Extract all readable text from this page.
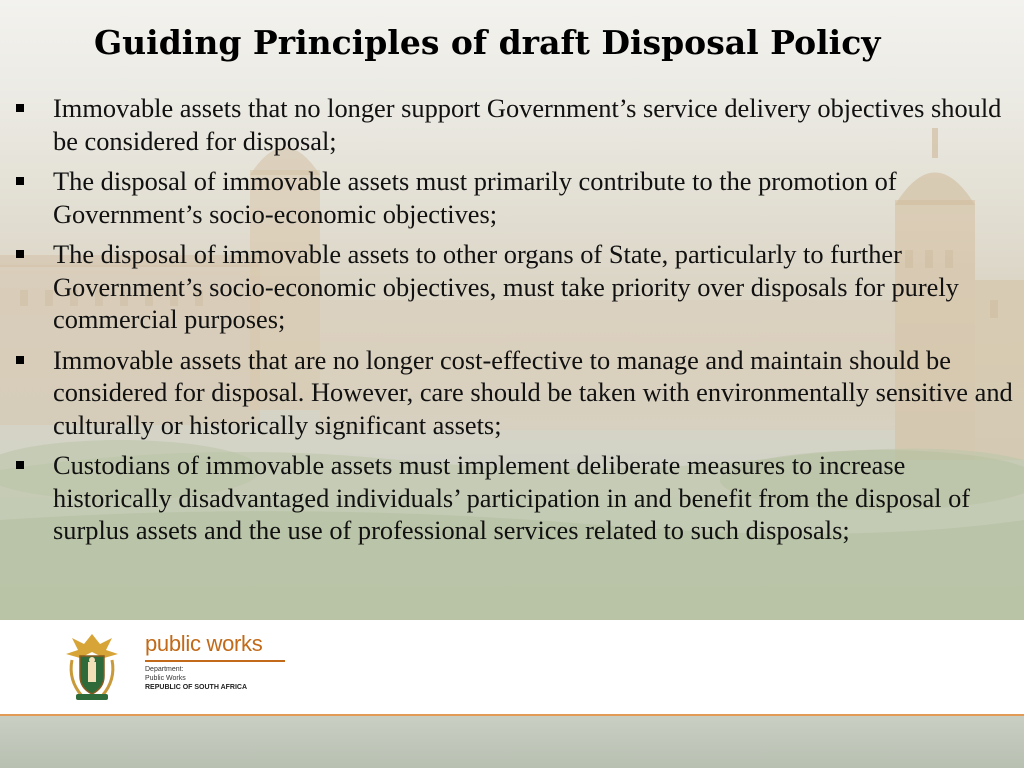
Guiding Principles of draft Disposal Policy
Immovable assets that no longer support Government’s service delivery objectives should be considered for disposal;
The disposal of immovable assets must primarily contribute to the promotion of Government’s socio-economic objectives;
The disposal of immovable assets to other organs of State, particularly to further Government’s socio-economic objectives, must take priority over disposals for purely commercial purposes;
Immovable assets that are no longer cost-effective to manage and maintain should be considered for disposal. However, care should be taken with environmentally sensitive and culturally or historically significant assets;
Custodians of immovable assets must implement deliberate measures to increase historically disadvantaged individuals’ participation in and benefit from the disposal of surplus assets and the use of professional services related to such disposals;

public works

Department:

Public Works

REPUBLIC OF SOUTH AFRICA
